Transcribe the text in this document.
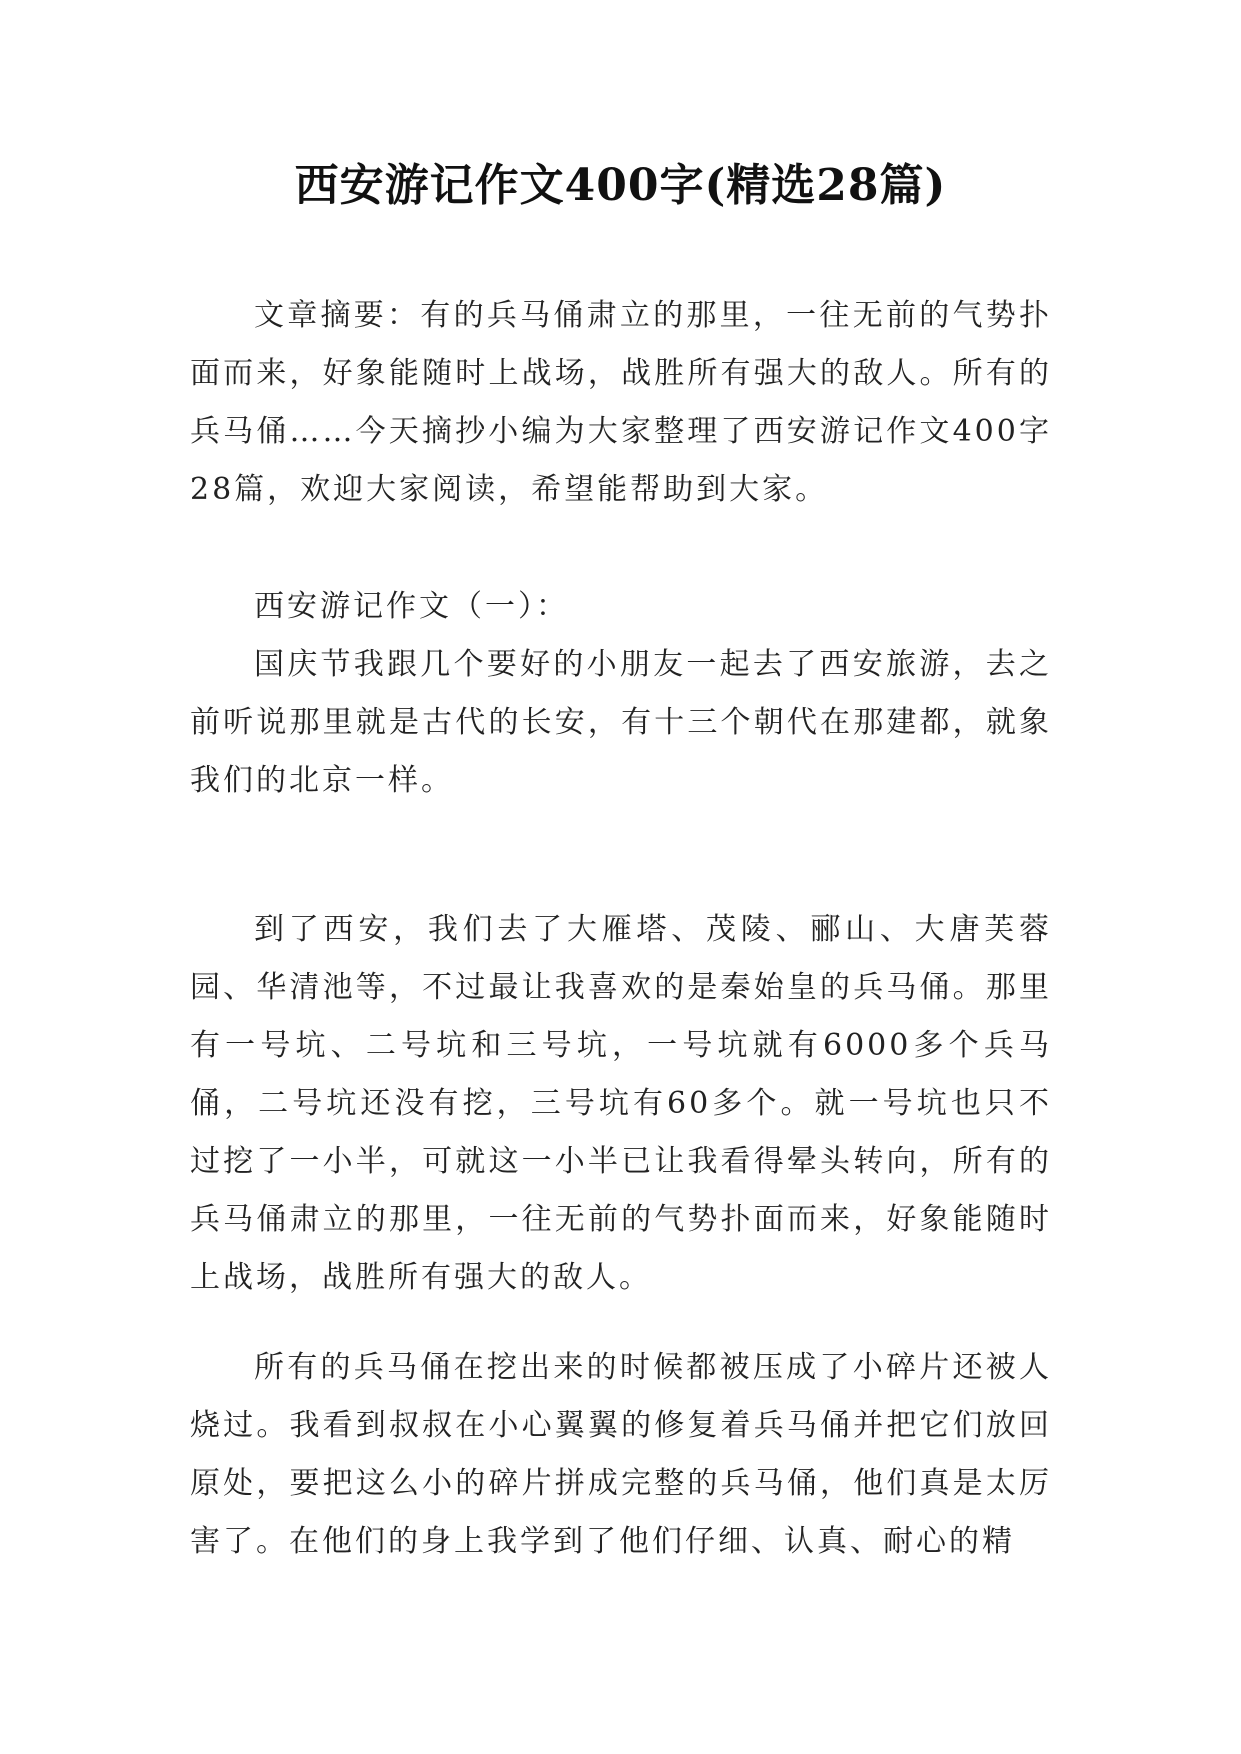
西安游记作文400字(精选28篇)

文章摘要：有的兵马俑肃立的那里，一往无前的气势扑面而来，好象能随时上战场，战胜所有强大的敌人。所有的兵马俑……今天摘抄小编为大家整理了西安游记作文400字28篇，欢迎大家阅读，希望能帮助到大家。

西安游记作文（一）：

国庆节我跟几个要好的小朋友一起去了西安旅游，去之前听说那里就是古代的长安，有十三个朝代在那建都，就象我们的北京一样。

到了西安，我们去了大雁塔、茂陵、郦山、大唐芙蓉园、华清池等，不过最让我喜欢的是秦始皇的兵马俑。那里有一号坑、二号坑和三号坑，一号坑就有6000多个兵马俑，二号坑还没有挖，三号坑有60多个。就一号坑也只不过挖了一小半，可就这一小半已让我看得晕头转向，所有的兵马俑肃立的那里，一往无前的气势扑面而来，好象能随时上战场，战胜所有强大的敌人。

所有的兵马俑在挖出来的时候都被压成了小碎片还被人烧过。我看到叔叔在小心翼翼的修复着兵马俑并把它们放回原处，要把这么小的碎片拼成完整的兵马俑，他们真是太厉害了。在他们的身上我学到了他们仔细、认真、耐心的精
